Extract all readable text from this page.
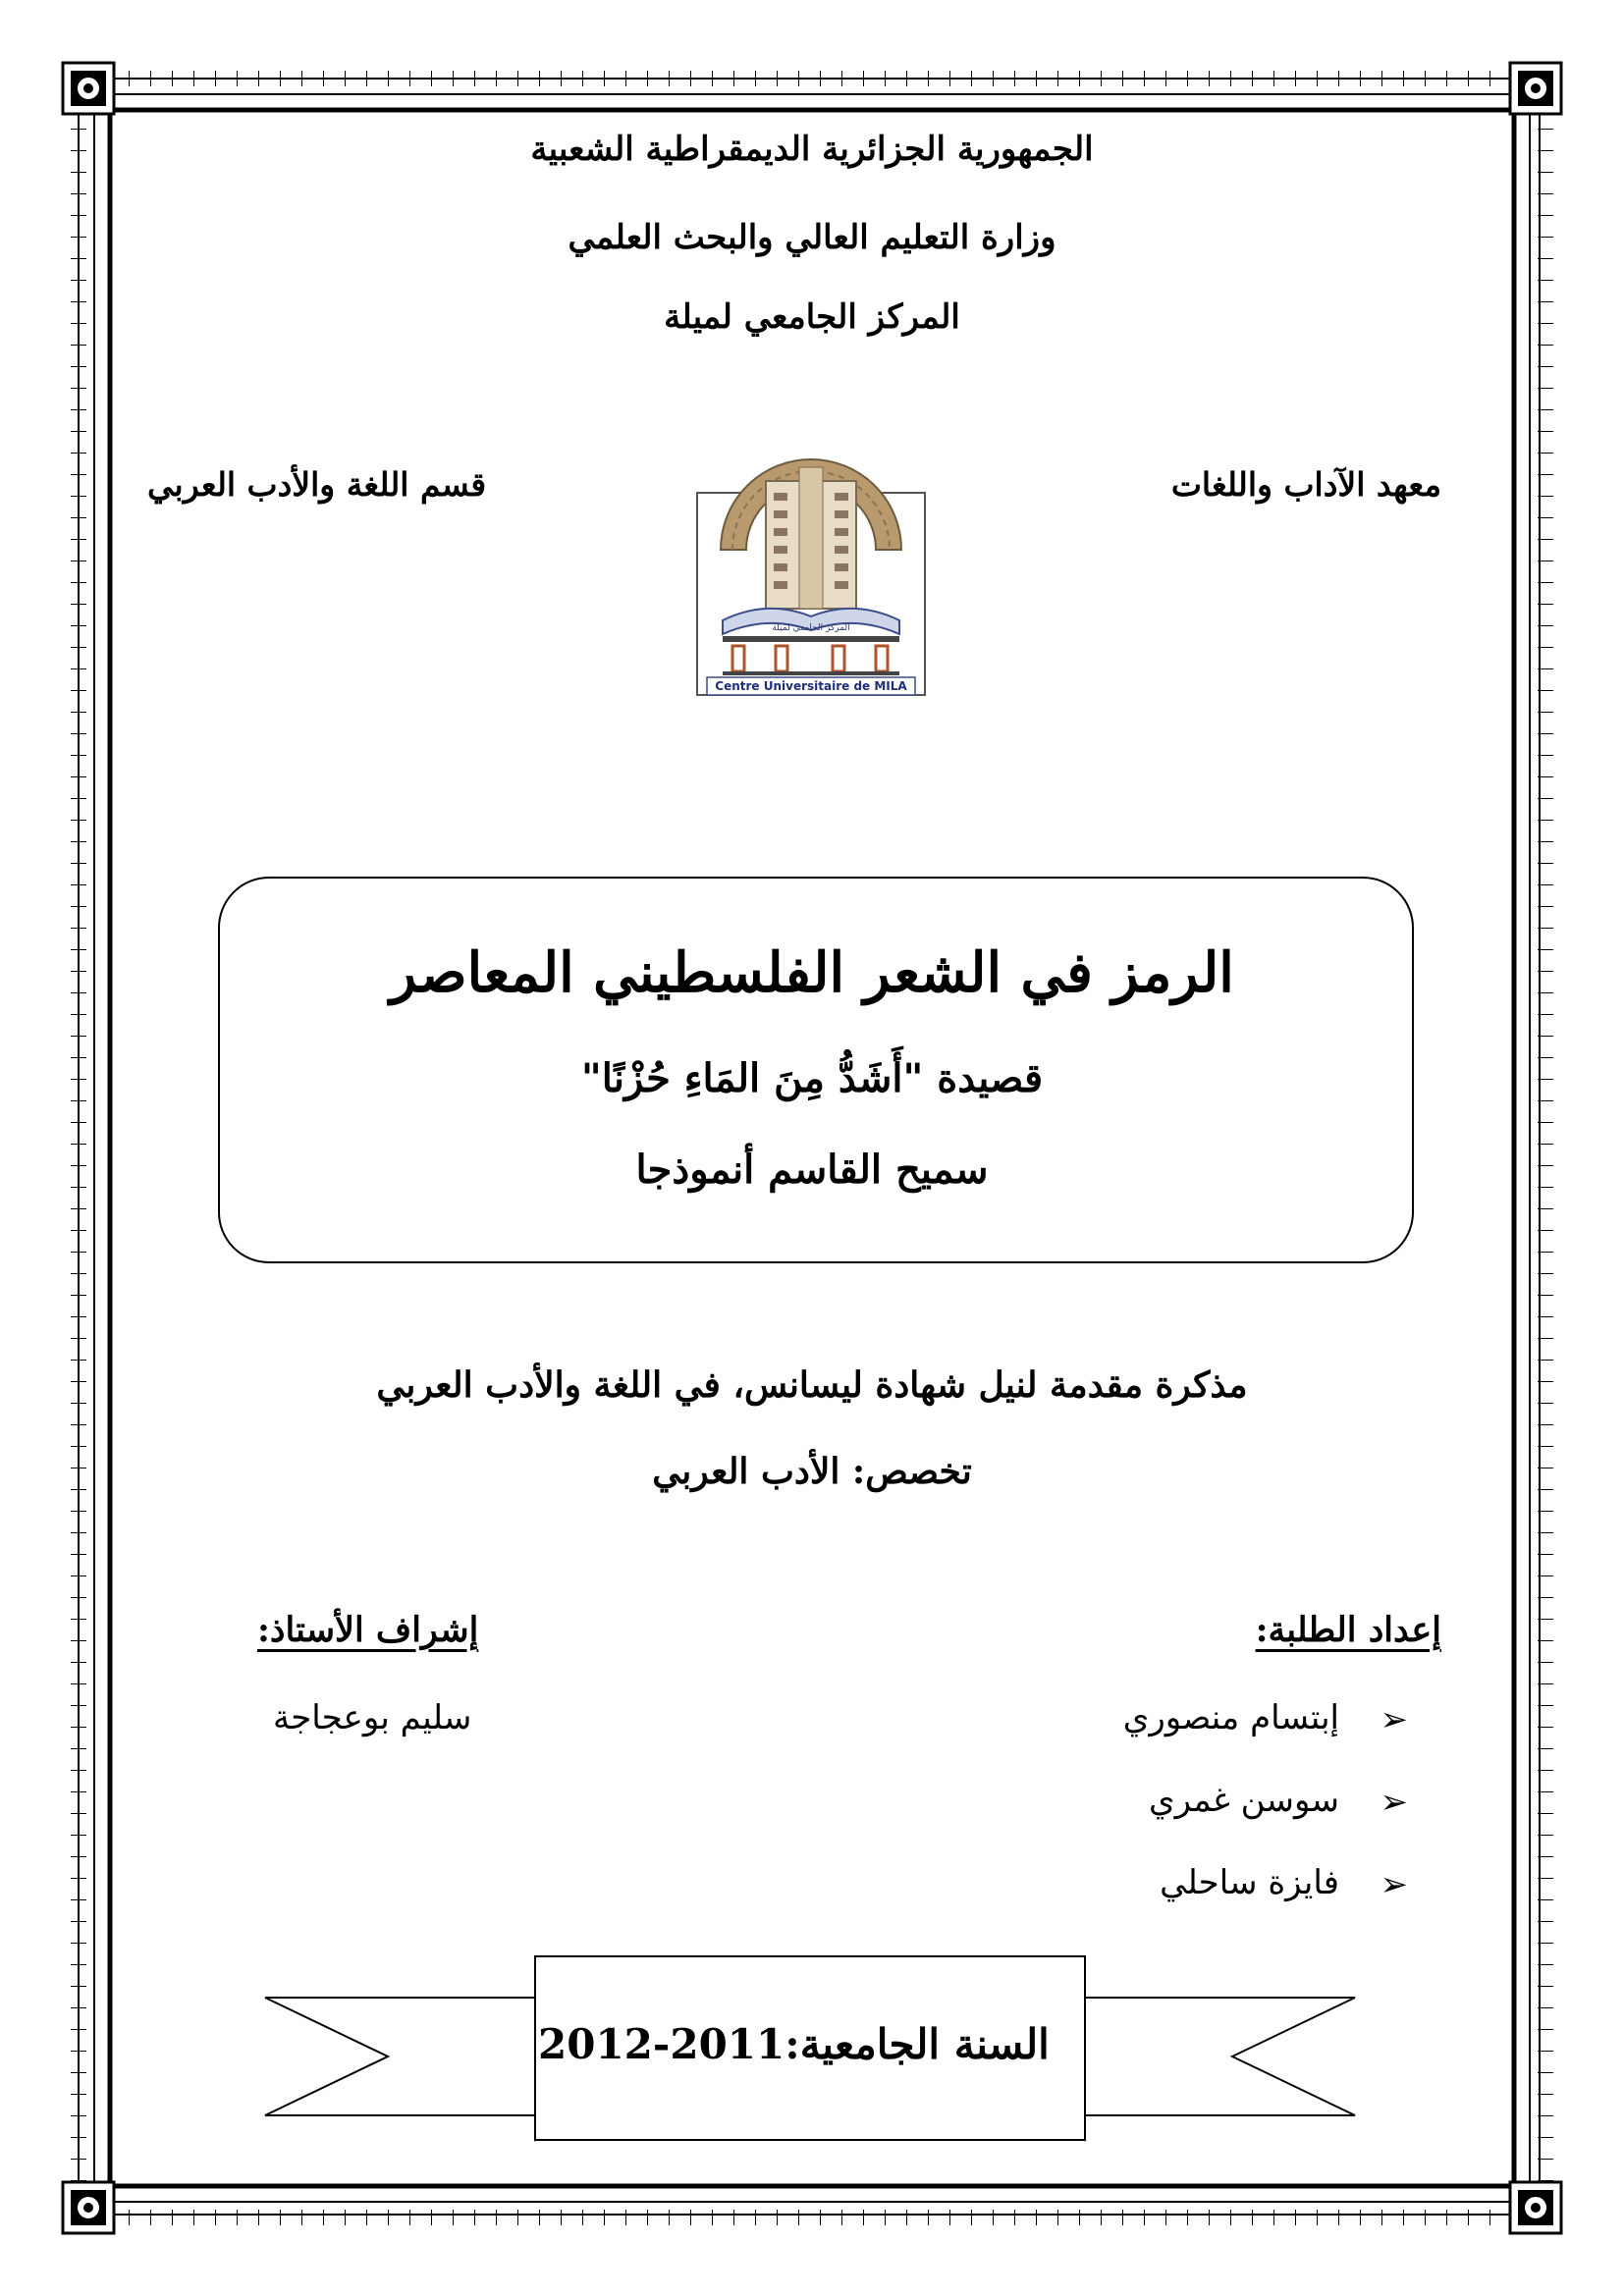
الجمهورية الجزائرية الديمقراطية الشعبية
وزارة التعليم العالي والبحث العلمي
المركز الجامعي لميلة
معهد الآداب واللغات
قسم اللغة والأدب العربي
المركز الجامعي لميلة
Centre Universitaire de MILA
الرمز في الشعر الفلسطيني المعاصر
قصيدة "أَشَدُّ مِنَ المَاءِ حُزْنًا"
سميح القاسم أنموذجا
مذكرة مقدمة لنيل شهادة ليسانس، في اللغة والأدب العربي
تخصص: الأدب العربي
إعداد الطلبة:
➢
إبتسام منصوري
➢
سوسن غمري
➢
فايزة ساحلي
إشراف الأستاذ:
سليم بوعجاجة
السنة الجامعية:2011-2012
